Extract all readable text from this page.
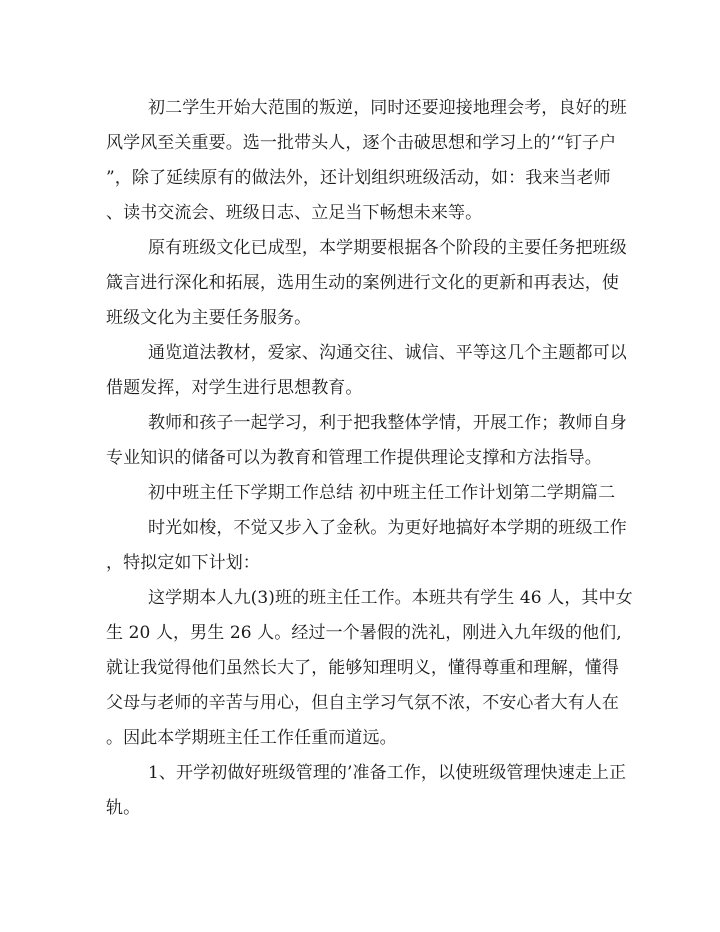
初二学生开始大范围的叛逆，同时还要迎接地理会考，良好的班
风学风至关重要。选一批带头人，逐个击破思想和学习上的’“钉子户
”，除了延续原有的做法外，还计划组织班级活动，如：我来当老师
、读书交流会、班级日志、立足当下畅想未来等。
原有班级文化已成型，本学期要根据各个阶段的主要任务把班级
箴言进行深化和拓展，选用生动的案例进行文化的更新和再表达，使
班级文化为主要任务服务。
通览道法教材，爱家、沟通交往、诚信、平等这几个主题都可以
借题发挥，对学生进行思想教育。
教师和孩子一起学习，利于把我整体学情，开展工作；教师自身
专业知识的储备可以为教育和管理工作提供理论支撑和方法指导。
初中班主任下学期工作总结 初中班主任工作计划第二学期篇二
时光如梭，不觉又步入了金秋。为更好地搞好本学期的班级工作
，特拟定如下计划：
这学期本人九(3)班的班主任工作。本班共有学生 46 人，其中女
生 20 人，男生 26 人。经过一个暑假的洗礼，刚进入九年级的他们,
就让我觉得他们虽然长大了，能够知理明义，懂得尊重和理解，懂得
父母与老师的辛苦与用心，但自主学习气氛不浓，不安心者大有人在
。因此本学期班主任工作任重而道远。
1、开学初做好班级管理的’准备工作，以使班级管理快速走上正
轨。
